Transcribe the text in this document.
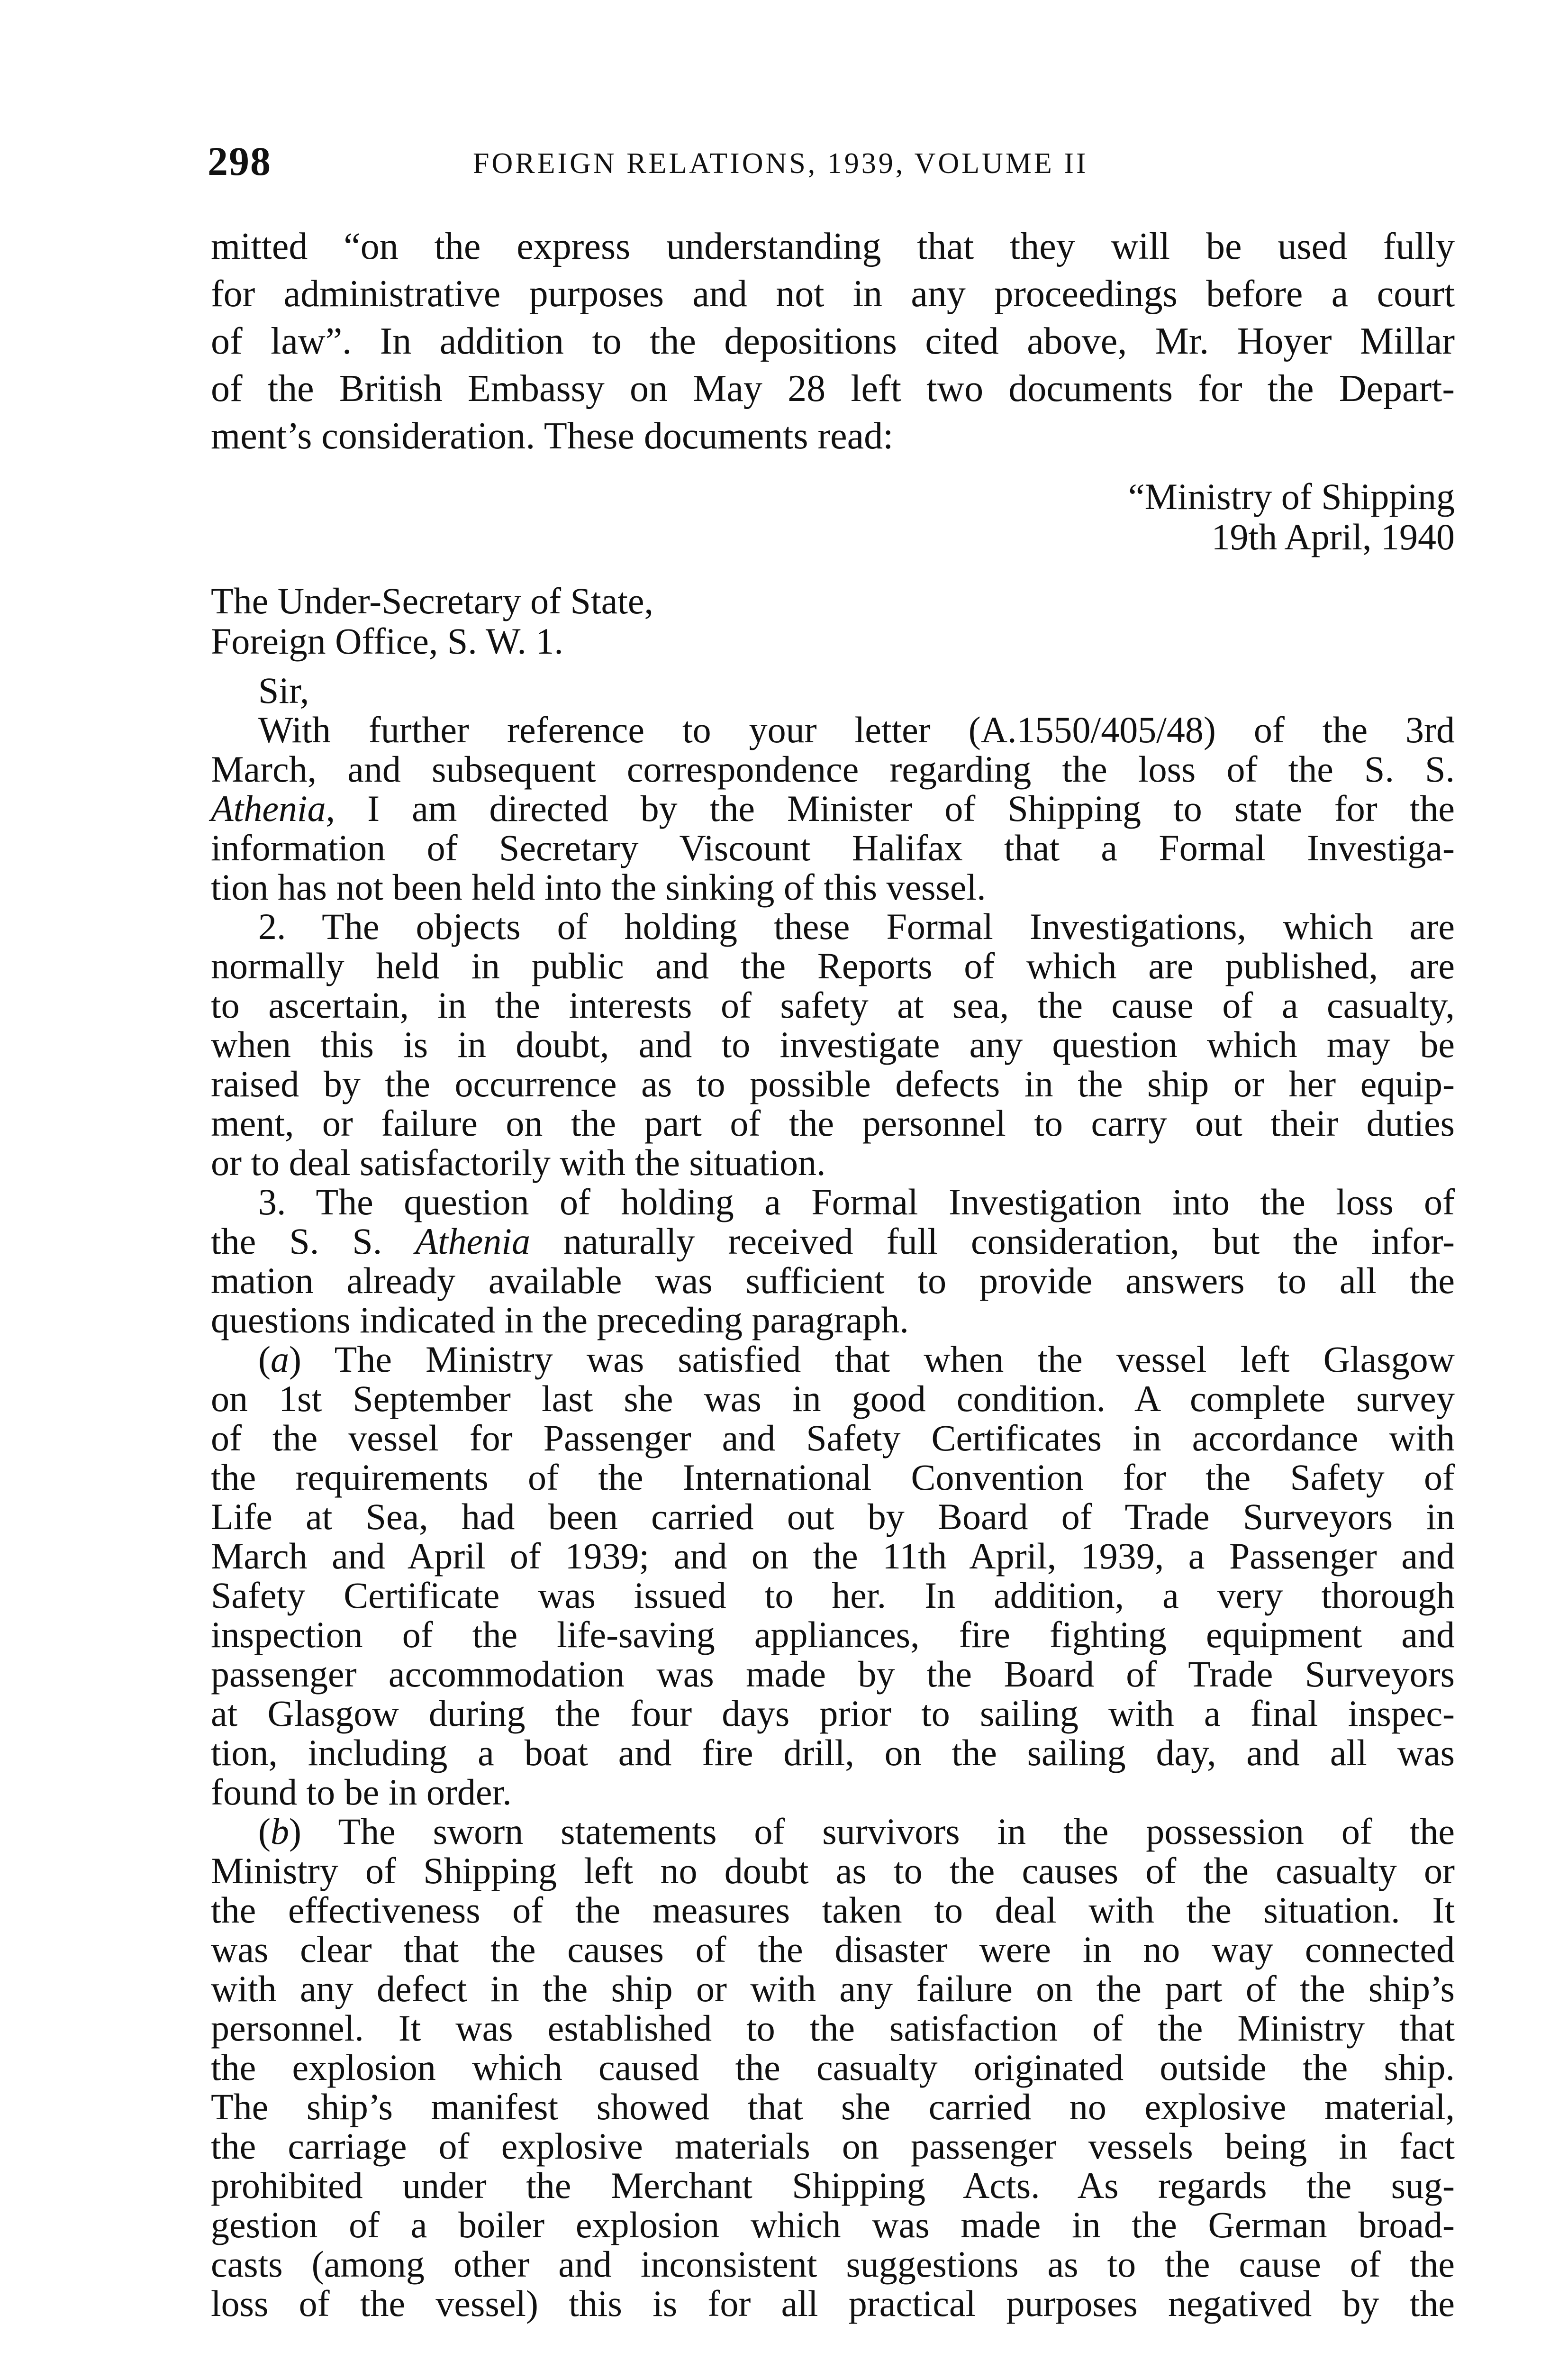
298	FOREIGN RELATIONS, 1939, VOLUME II
mitted “on the express understanding that they will be used fully
for administrative purposes and not in any proceedings before a court
of law”. In addition to the depositions cited above, Mr. Hoyer Millar
of the British Embassy on May 28 left two documents for the Depart-
ment’s consideration. These documents read:
“Ministry of Shipping
19th April, 1940
The Under-Secretary of State,
Foreign Office, S. W. 1.
Sir,
With further reference to your letter (A.1550/405/48) of the 3rd
March, and subsequent correspondence regarding the loss of the S. S.
Athenia, I am directed by the Minister of Shipping to state for the
information of Secretary Viscount Halifax that a Formal Investiga-
tion has not been held into the sinking of this vessel.
2. The objects of holding these Formal Investigations, which are
normally held in public and the Reports of which are published, are
to ascertain, in the interests of safety at sea, the cause of a casualty,
when this is in doubt, and to investigate any question which may be
raised by the occurrence as to possible defects in the ship or her equip-
ment, or failure on the part of the personnel to carry out their duties
or to deal satisfactorily with the situation.
3. The question of holding a Formal Investigation into the loss of
the S. S. Athenia naturally received full consideration, but the infor-
mation already available was sufficient to provide answers to all the
questions indicated in the preceding paragraph.
(a) The Ministry was satisfied that when the vessel left Glasgow
on 1st September last she was in good condition. A complete survey
of the vessel for Passenger and Safety Certificates in accordance with
the requirements of the International Convention for the Safety of
Life at Sea, had been carried out by Board of Trade Surveyors in
March and April of 1939; and on the 11th April, 1939, a Passenger and
Safety Certificate was issued to her. In addition, a very thorough
inspection of the life-saving appliances, fire fighting equipment and
passenger accommodation was made by the Board of Trade Surveyors
at Glasgow during the four days prior to sailing with a final inspec-
tion, including a boat and fire drill, on the sailing day, and all was
found to be in order.
(b) The sworn statements of survivors in the possession of the
Ministry of Shipping left no doubt as to the causes of the casualty or
the effectiveness of the measures taken to deal with the situation. It
was clear that the causes of the disaster were in no way connected
with any defect in the ship or with any failure on the part of the ship’s
personnel. It was established to the satisfaction of the Ministry that
the explosion which caused the casualty originated outside the ship.
The ship’s manifest showed that she carried no explosive material,
the carriage of explosive materials on passenger vessels being in fact
prohibited under the Merchant Shipping Acts. As regards the sug-
gestion of a boiler explosion which was made in the German broad-
casts (among other and inconsistent suggestions as to the cause of the
loss of the vessel) this is for all practical purposes negatived by the
